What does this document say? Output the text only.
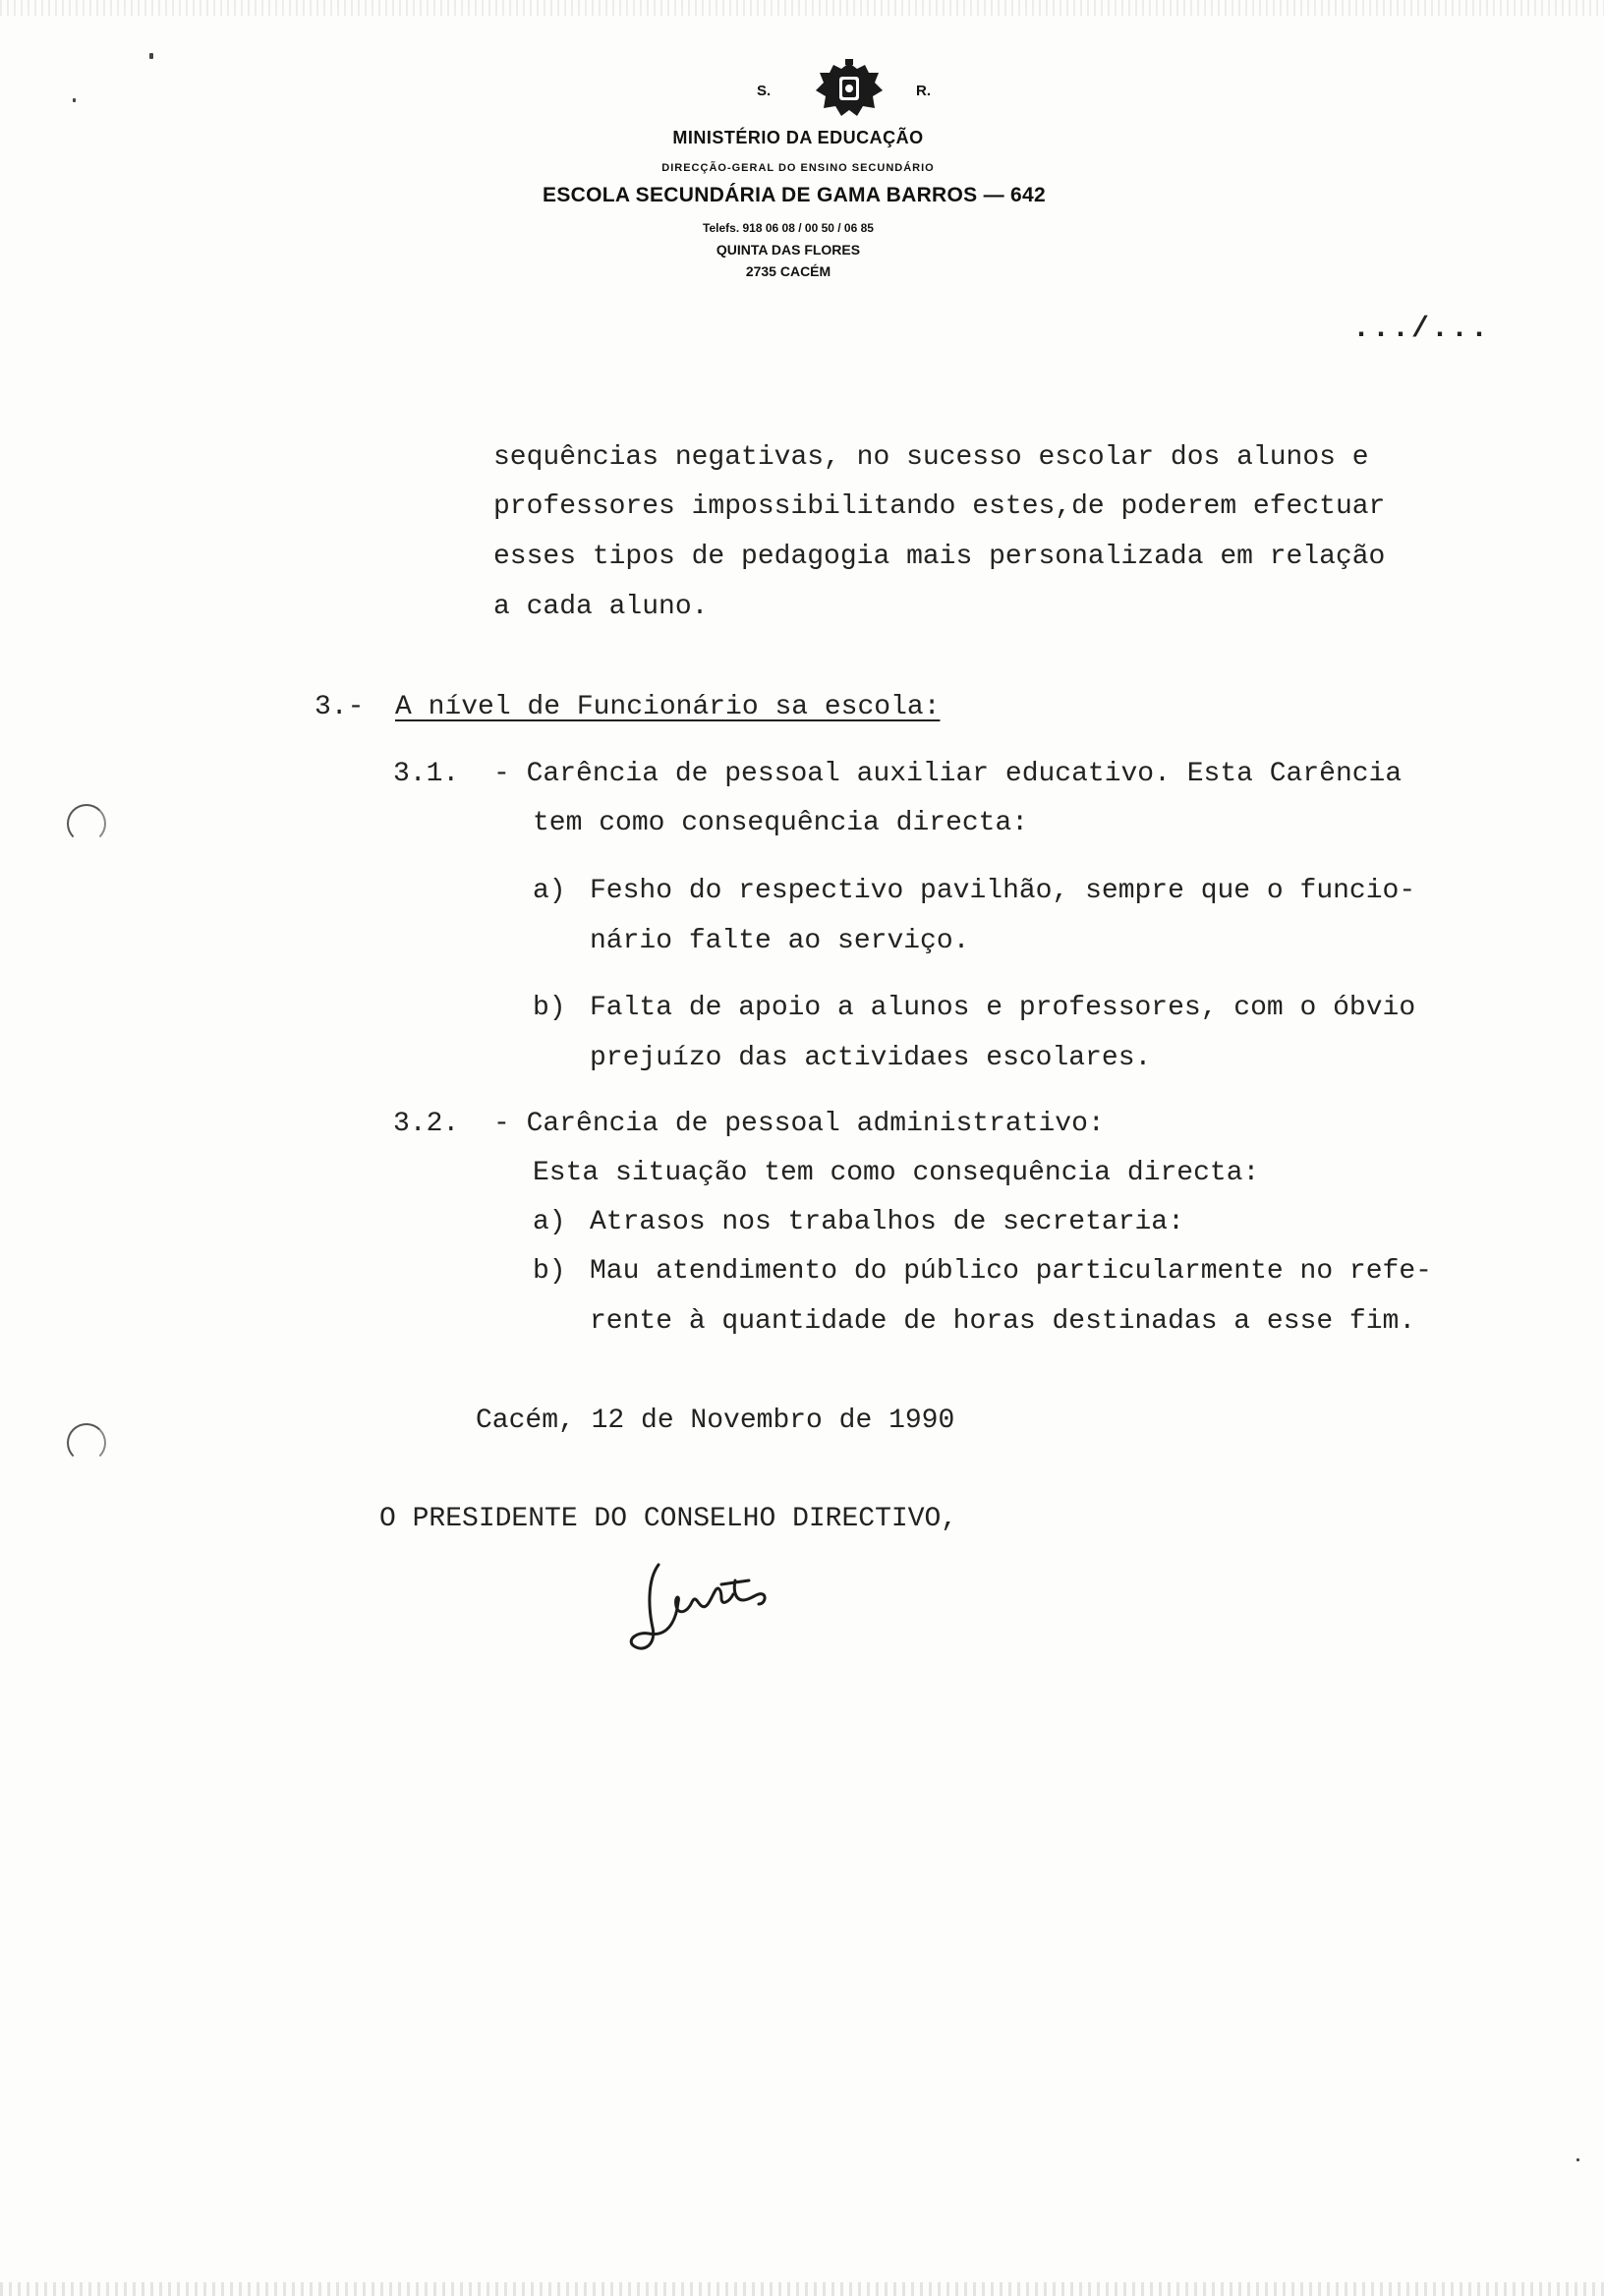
S.	R.
MINISTÉRIO DA EDUCAÇÃO
DIRECÇÃO-GERAL DO ENSINO SECUNDÁRIO
ESCOLA SECUNDÁRIA DE GAMA BARROS — 642
Telefs. 918 06 08 / 00 50 / 06 85
QUINTA DAS FLORES
2735 CACÉM
.../...
sequências negativas, no sucesso escolar dos alunos e
professores impossibilitando estes,de poderem efectuar
esses tipos de pedagogia mais personalizada em relação
a cada aluno.
3.- A nível de Funcionário sa escola:
3.1. - Carência de pessoal auxiliar educativo. Esta Carência
tem como consequência directa:
a) Fesho do respectivo pavilhão, sempre que o funcio-
nário falte ao serviço.
b) Falta de apoio a alunos e professores, com o óbvio
prejuízo das actividaes escolares.
3.2. - Carência de pessoal administrativo:
Esta situação tem como consequência directa:
a) Atrasos nos trabalhos de secretaria:
b) Mau atendimento do público particularmente no refe-
rente à quantidade de horas destinadas a esse fim.
Cacém, 12 de Novembro de 1990
O PRESIDENTE DO CONSELHO DIRECTIVO,
